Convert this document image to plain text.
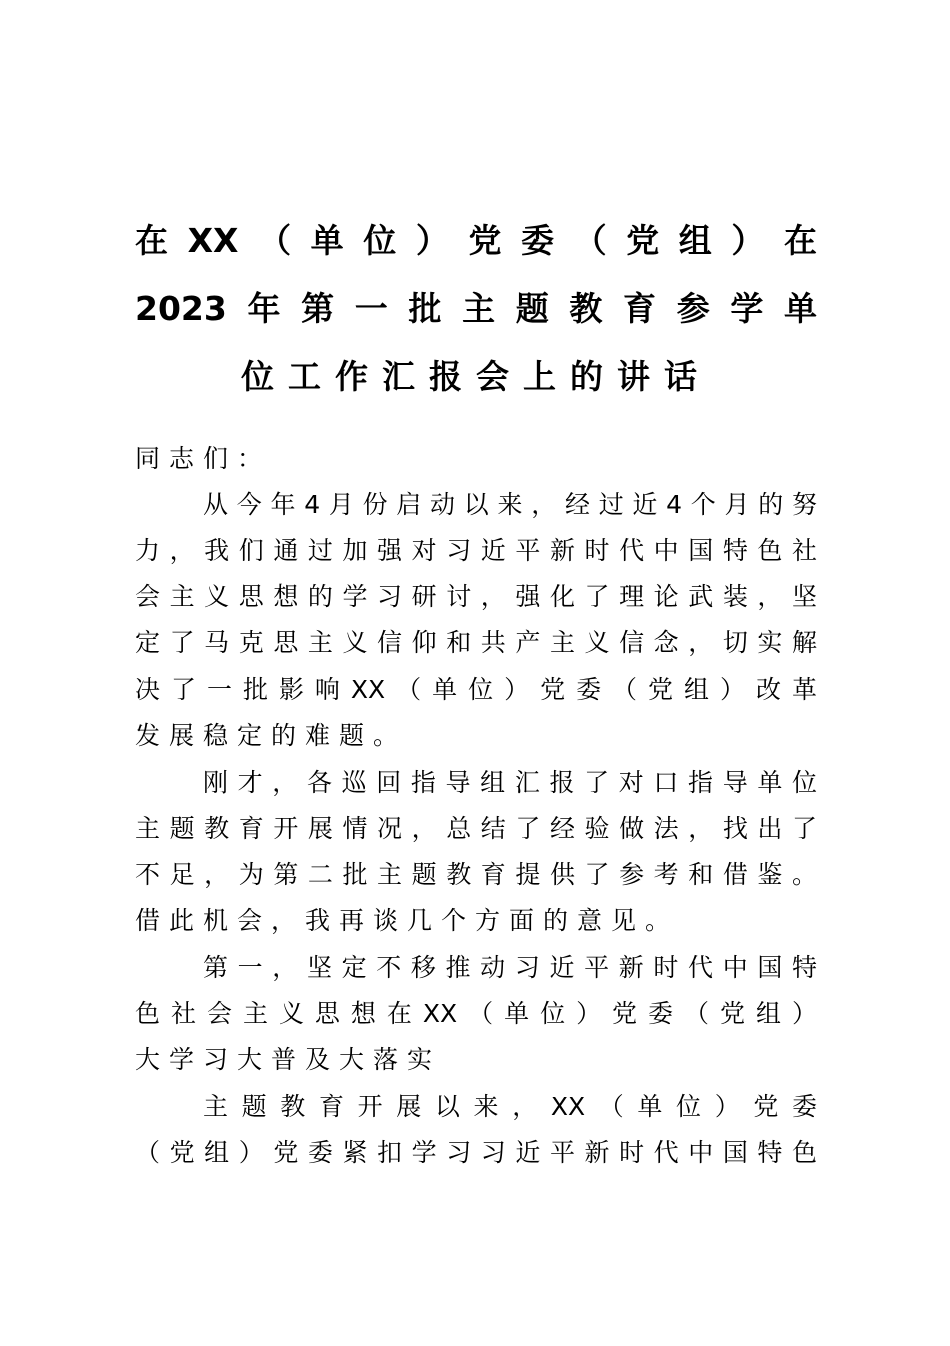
在XX（单位）党委（党组）在
2023年第一批主题教育参学单
位工作汇报会上的讲话
同志们：
从今年4月份启动以来，经过近4个月的努
力，我们通过加强对习近平新时代中国特色社
会主义思想的学习研讨，强化了理论武装，坚
定了马克思主义信仰和共产主义信念，切实解
决了一批影响XX（单位）党委（党组）改革
发展稳定的难题。
刚才，各巡回指导组汇报了对口指导单位
主题教育开展情况，总结了经验做法，找出了
不足，为第二批主题教育提供了参考和借鉴。
借此机会，我再谈几个方面的意见。
第一，坚定不移推动习近平新时代中国特
色社会主义思想在XX（单位）党委（党组）
大学习大普及大落实
主题教育开展以来，XX（单位）党委
（党组）党委紧扣学习习近平新时代中国特色
